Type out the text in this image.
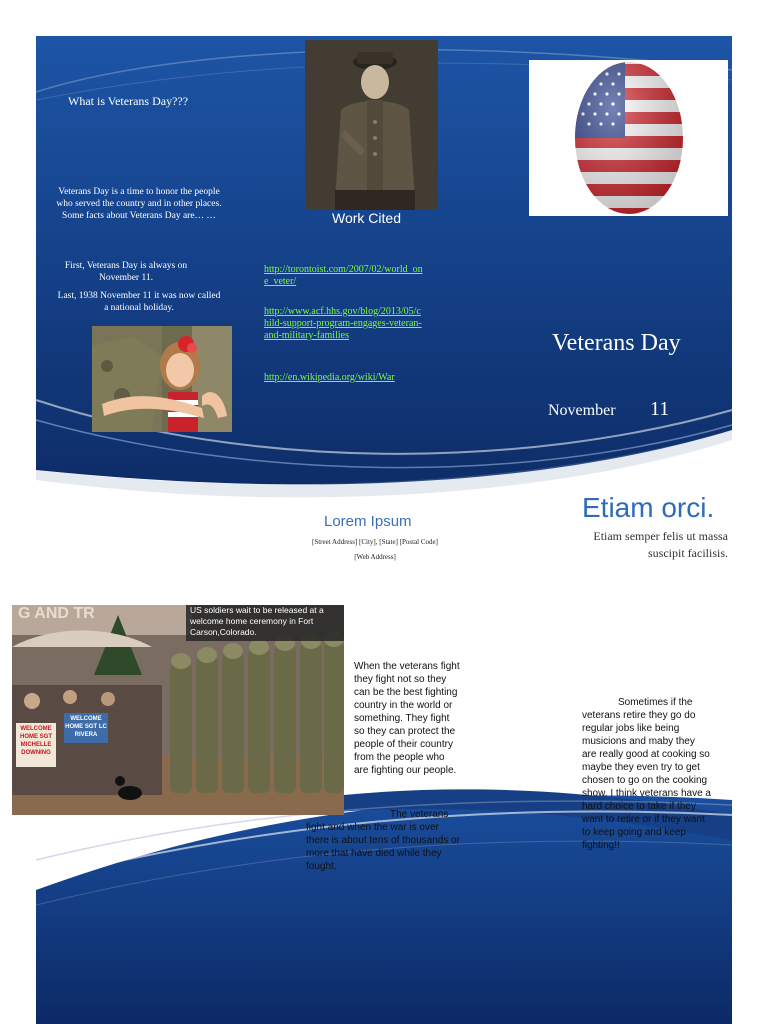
What is Veterans Day???
Veterans Day is a time to honor the people who served the country and in other places. Some facts about Veterans Day are… …
First, Veterans Day is always on November 11.
Last, 1938 November 11 it was now called a national holiday.
Work Cited
http://torontoist.com/2007/02/world_one_veter/
http://www.acf.hhs.gov/blog/2013/05/child-support-program-engages-veteran-and-military-families
http://en.wikipedia.org/wiki/War
Veterans Day
November 11
Lorem Ipsum
[Street Address] [City], [State] [Postal Code]
[Web Address]
Etiam orci.
Etiam semper felis ut massa suscipit facilisis.
G AND TR	US soldiers wait to be released at a welcome home ceremony in Fort Carson,Colorado.
WELCOME HOME SGT MICHELLE DOWNING
WELCOME HOME SGT LC RIVERA
When the veterans fight they fight not so they can be the best fighting country in the world or something. They fight so they can protect the people of their country from the people who are fighting our people.
The veterans fight and when the war is over there is about tens of thousands or more that have died while they fought.
Sometimes if the veterans retire they go do regular jobs like being musicions and maby they are really good at cooking so maybe they even try to get chosen to go on the cooking show. I think veterans have a hard choice to take if they want to retire or if they want to keep going and keep fighting!!
